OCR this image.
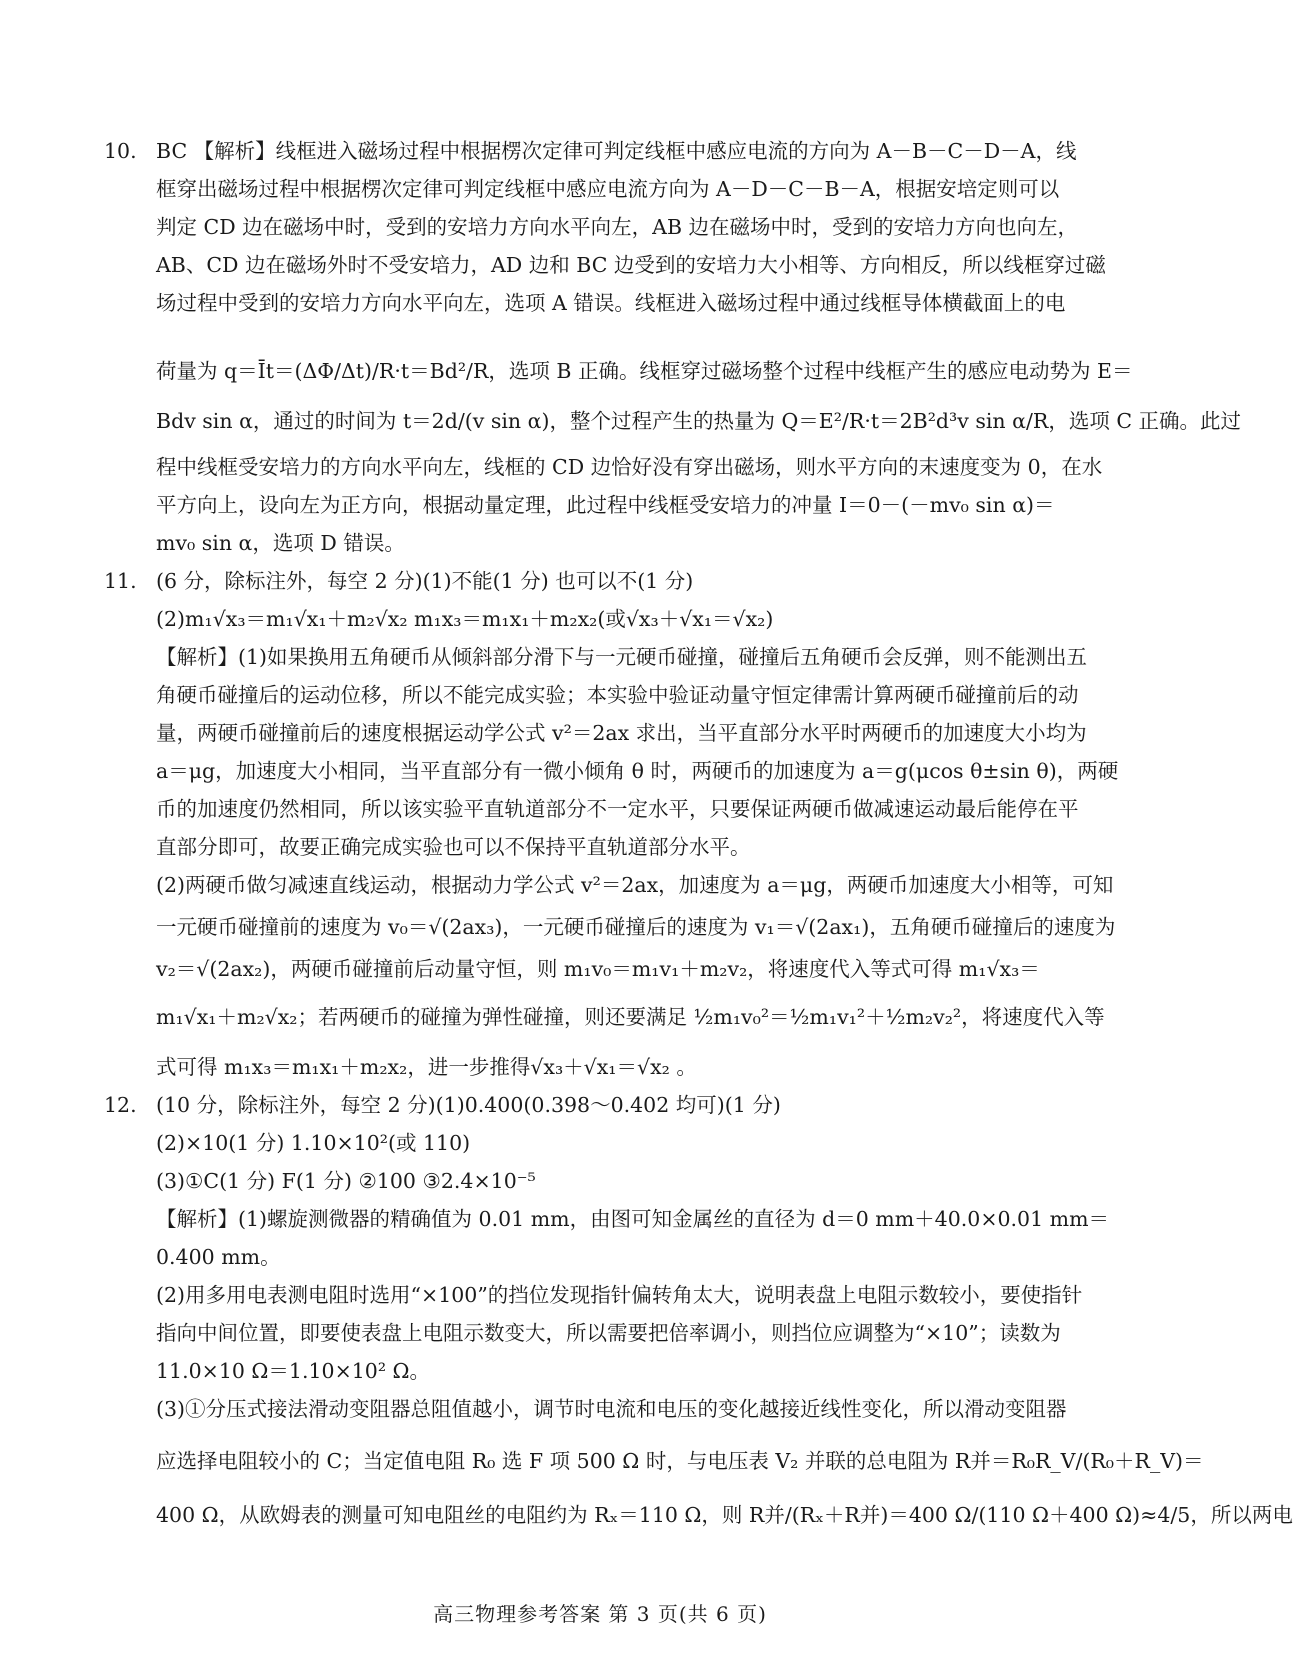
10. BC 【解析】线框进入磁场过程中根据楞次定律可判定线框中感应电流的方向为 A－B－C－D－A，线
框穿出磁场过程中根据楞次定律可判定线框中感应电流方向为 A－D－C－B－A，根据安培定则可以
判定 CD 边在磁场中时，受到的安培力方向水平向左，AB 边在磁场中时，受到的安培力方向也向左，
AB、CD 边在磁场外时不受安培力，AD 边和 BC 边受到的安培力大小相等、方向相反，所以线框穿过磁
场过程中受到的安培力方向水平向左，选项 A 错误。线框进入磁场过程中通过线框导体横截面上的电
荷量为 q＝Īt＝(ΔΦ/Δt)/R·t＝Bd²/R，选项 B 正确。线框穿过磁场整个过程中线框产生的感应电动势为 E＝
Bdv sin α，通过的时间为 t＝2d/(v sin α)，整个过程产生的热量为 Q＝E²/R·t＝2B²d³v sin α/R，选项 C 正确。此过
程中线框受安培力的方向水平向左，线框的 CD 边恰好没有穿出磁场，则水平方向的末速度变为 0，在水
平方向上，设向左为正方向，根据动量定理，此过程中线框受安培力的冲量 I＝0－(－mv₀ sin α)＝
mv₀ sin α，选项 D 错误。
11. (6 分，除标注外，每空 2 分)(1)不能(1 分) 也可以不(1 分)
(2)m₁√x₃＝m₁√x₁＋m₂√x₂ m₁x₃＝m₁x₁＋m₂x₂(或√x₃＋√x₁＝√x₂)
【解析】(1)如果换用五角硬币从倾斜部分滑下与一元硬币碰撞，碰撞后五角硬币会反弹，则不能测出五
角硬币碰撞后的运动位移，所以不能完成实验；本实验中验证动量守恒定律需计算两硬币碰撞前后的动
量，两硬币碰撞前后的速度根据运动学公式 v²＝2ax 求出，当平直部分水平时两硬币的加速度大小均为
a＝μg，加速度大小相同，当平直部分有一微小倾角 θ 时，两硬币的加速度为 a＝g(μcos θ±sin θ)，两硬
币的加速度仍然相同，所以该实验平直轨道部分不一定水平，只要保证两硬币做减速运动最后能停在平
直部分即可，故要正确完成实验也可以不保持平直轨道部分水平。
(2)两硬币做匀减速直线运动，根据动力学公式 v²＝2ax，加速度为 a＝μg，两硬币加速度大小相等，可知
一元硬币碰撞前的速度为 v₀＝√(2ax₃)，一元硬币碰撞后的速度为 v₁＝√(2ax₁)，五角硬币碰撞后的速度为
v₂＝√(2ax₂)，两硬币碰撞前后动量守恒，则 m₁v₀＝m₁v₁＋m₂v₂，将速度代入等式可得 m₁√x₃＝
m₁√x₁＋m₂√x₂；若两硬币的碰撞为弹性碰撞，则还要满足 ½m₁v₀²＝½m₁v₁²＋½m₂v₂²，将速度代入等
式可得 m₁x₃＝m₁x₁＋m₂x₂，进一步推得√x₃＋√x₁＝√x₂ 。
12. (10 分，除标注外，每空 2 分)(1)0.400(0.398～0.402 均可)(1 分)
(2)×10(1 分) 1.10×10²(或 110)
(3)①C(1 分) F(1 分) ②100 ③2.4×10⁻⁵
【解析】(1)螺旋测微器的精确值为 0.01 mm，由图可知金属丝的直径为 d＝0 mm＋40.0×0.01 mm＝
0.400 mm。
(2)用多用电表测电阻时选用“×100”的挡位发现指针偏转角太大，说明表盘上电阻示数较小，要使指针
指向中间位置，即要使表盘上电阻示数变大，所以需要把倍率调小，则挡位应调整为“×10”；读数为
11.0×10 Ω＝1.10×10² Ω。
(3)①分压式接法滑动变阻器总阻值越小，调节时电流和电压的变化越接近线性变化，所以滑动变阻器
应选择电阻较小的 C；当定值电阻 R₀ 选 F 项 500 Ω 时，与电压表 V₂ 并联的总电阻为 R并＝R₀R_V/(R₀＋R_V)＝
400 Ω，从欧姆表的测量可知电阻丝的电阻约为 Rₓ＝110 Ω，则 R并/(Rₓ＋R并)＝400 Ω/(110 Ω＋400 Ω)≈4/5，所以两电
高三物理参考答案 第 3 页(共 6 页)
